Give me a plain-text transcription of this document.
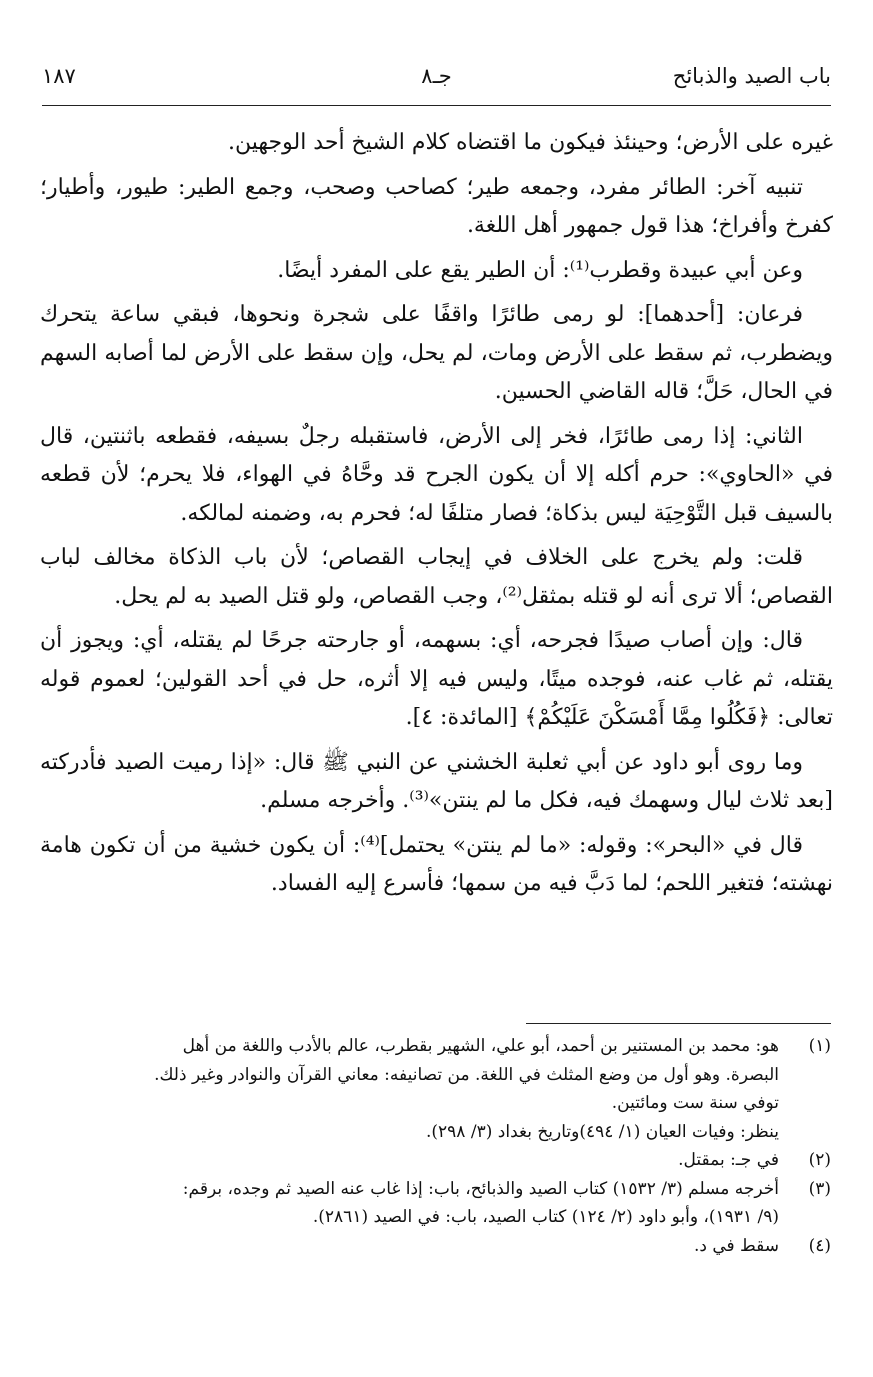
باب الصيد والذبائح
جـ٨
١٨٧

غيره على الأرض؛ وحينئذ فيكون ما اقتضاه كلام الشيخ أحد الوجهين.

تنبيه آخر: الطائر مفرد، وجمعه طير؛ كصاحب وصحب، وجمع الطير: طيور، وأطيار؛ كفرخ وأفراخ؛ هذا قول جمهور أهل اللغة.

وعن أبي عبيدة وقطرب⁽¹⁾: أن الطير يقع على المفرد أيضًا.

فرعان: [أحدهما]: لو رمى طائرًا واقفًا على شجرة ونحوها، فبقي ساعة يتحرك ويضطرب، ثم سقط على الأرض ومات، لم يحل، وإن سقط على الأرض لما أصابه السهم في الحال، حَلَّ؛ قاله القاضي الحسين.

الثاني: إذا رمى طائرًا، فخر إلى الأرض، فاستقبله رجلٌ بسيفه، فقطعه باثنتين، قال في «الحاوي»: حرم أكله إلا أن يكون الجرح قد وحَّاهُ في الهواء، فلا يحرم؛ لأن قطعه بالسيف قبل التَّوْحِيَة ليس بذكاة؛ فصار متلفًا له؛ فحرم به، وضمنه لمالكه.

قلت: ولم يخرج على الخلاف في إيجاب القصاص؛ لأن باب الذكاة مخالف لباب القصاص؛ ألا ترى أنه لو قتله بمثقل⁽²⁾، وجب القصاص، ولو قتل الصيد به لم يحل.

قال: وإن أصاب صيدًا فجرحه، أي: بسهمه، أو جارحته جرحًا لم يقتله، أي: ويجوز أن يقتله، ثم غاب عنه، فوجده ميتًا، وليس فيه إلا أثره، حل في أحد القولين؛ لعموم قوله تعالى: ﴿فَكُلُوا مِمَّا أَمْسَكْنَ عَلَيْكُمْ﴾ [المائدة: ٤].

وما روى أبو داود عن أبي ثعلبة الخشني عن النبي ﷺ قال: «إذا رميت الصيد فأدركته [بعد ثلاث ليال وسهمك فيه، فكل ما لم ينتن»⁽³⁾. وأخرجه مسلم.

قال في «البحر»: وقوله: «ما لم ينتن» يحتمل]⁽⁴⁾: أن يكون خشية من أن تكون هامة نهشته؛ فتغير اللحم؛ لما دَبَّ فيه من سمها؛ فأسرع إليه الفساد.

(١)
هو: محمد بن المستنير بن أحمد، أبو علي، الشهير بقطرب، عالم بالأدب واللغة من أهل
البصرة. وهو أول من وضع المثلث في اللغة. من تصانيفه: معاني القرآن والنوادر وغير ذلك.
توفي سنة ست ومائتين.
ينظر: وفيات العيان (١/ ٤٩٤)وتاريخ بغداد (٣/ ٢٩٨).
(٢)
في جـ: بمقتل.
(٣)
أخرجه مسلم (٣/ ١٥٣٢) كتاب الصيد والذبائح، باب: إذا غاب عنه الصيد ثم وجده، برقم:
(٩/ ١٩٣١)، وأبو داود (٢/ ١٢٤) كتاب الصيد، باب: في الصيد (٢٨٦١).
(٤)
سقط في د.
